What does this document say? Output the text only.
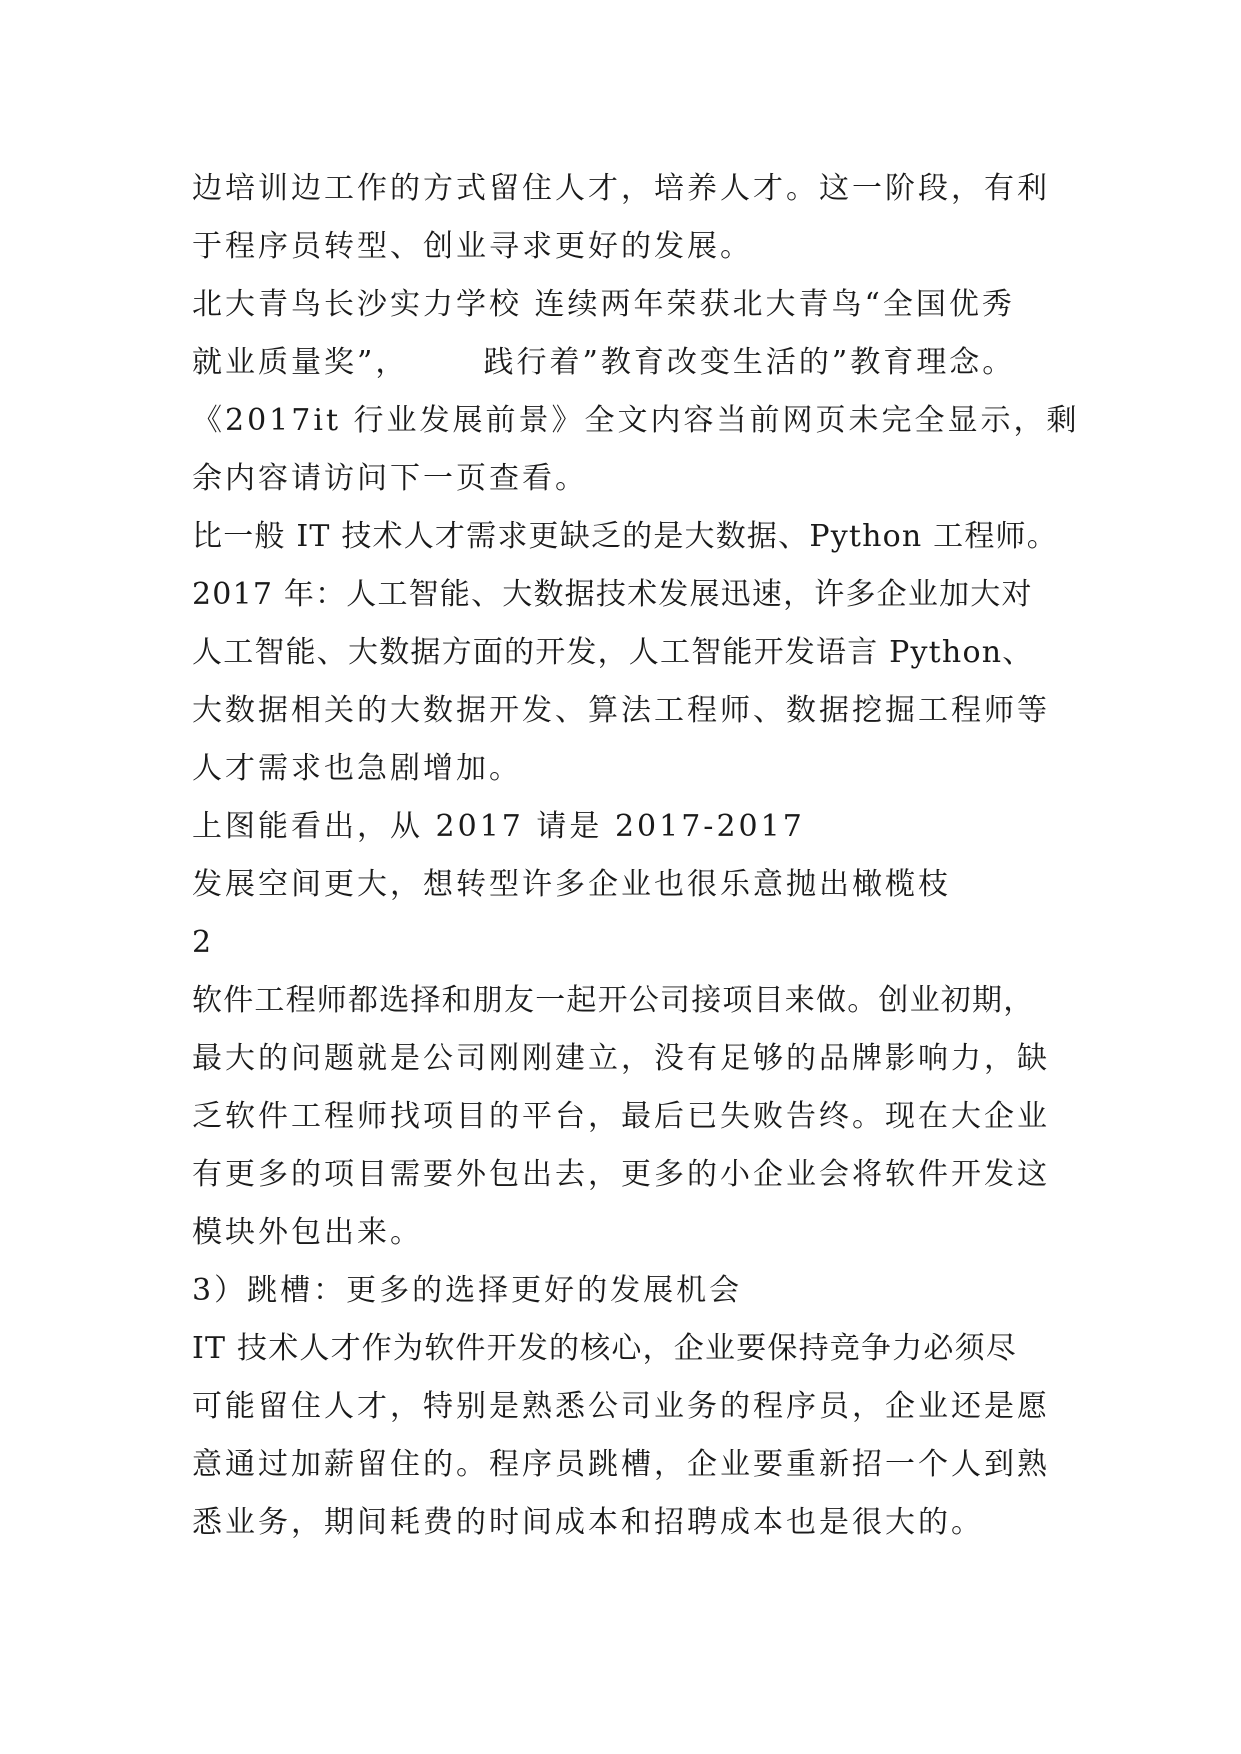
边培训边工作的方式留住人才，培养人才。这一阶段，有利
于程序员转型、创业寻求更好的发展。
北大青鸟长沙实力学校 连续两年荣获北大青鸟“全国优秀
就业质量奖”，      践行着”教育改变生活的”教育理念。
《2017it 行业发展前景》全文内容当前网页未完全显示，剩
余内容请访问下一页查看。
比一般 IT 技术人才需求更缺乏的是大数据、Python 工程师。
2017 年：人工智能、大数据技术发展迅速，许多企业加大对
人工智能、大数据方面的开发，人工智能开发语言 Python、
大数据相关的大数据开发、算法工程师、数据挖掘工程师等
人才需求也急剧增加。
上图能看出，从 2017 请是 2017-2017
发展空间更大，想转型许多企业也很乐意抛出橄榄枝
2
软件工程师都选择和朋友一起开公司接项目来做。创业初期，
最大的问题就是公司刚刚建立，没有足够的品牌影响力，缺
乏软件工程师找项目的平台，最后已失败告终。现在大企业
有更多的项目需要外包出去，更多的小企业会将软件开发这
模块外包出来。
3）跳槽：更多的选择更好的发展机会
IT 技术人才作为软件开发的核心，企业要保持竞争力必须尽
可能留住人才，特别是熟悉公司业务的程序员，企业还是愿
意通过加薪留住的。程序员跳槽，企业要重新招一个人到熟
悉业务，期间耗费的时间成本和招聘成本也是很大的。
